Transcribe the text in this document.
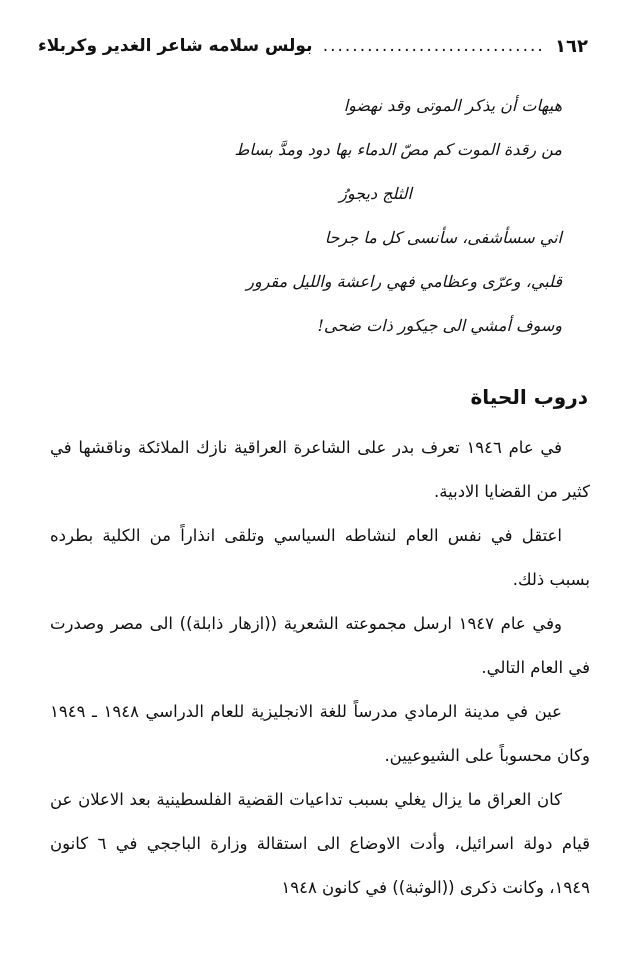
١٦٢
..............................
بولس سلامه شاعر الغدير وكربلاء
هيهات أن يذكر الموتى وقد نهضوا
من رقدة الموت كم مصّ الدماء بها دود ومدَّ بساط
الثلج ديجورُ
اني سسأشفى، سأنسى كل ما جرحا
قلبي، وعرّى وعظامي فهي راعشة والليل مقرور
وسوف أمشي الى جيكور ذات ضحى!
دروب الحياة

في عام ١٩٤٦ تعرف بدر على الشاعرة العراقية نازك الملائكة وناقشها في كثير من القضايا الادبية.

اعتقل في نفس العام لنشاطه السياسي وتلقى انذاراً من الكلية بطرده بسبب ذلك.

وفي عام ١٩٤٧ ارسل مجموعته الشعرية ((ازهار ذابلة)) الى مصر وصدرت في العام التالي.

عين في مدينة الرمادي مدرساً للغة الانجليزية للعام الدراسي ١٩٤٨ ـ ١٩٤٩ وكان محسوباً على الشيوعيين.

كان العراق ما يزال يغلي بسبب تداعيات القضية الفلسطينية بعد الاعلان عن قيام دولة اسرائيل، وأدت الاوضاع الى استقالة وزارة الباججي في ٦ كانون ١٩٤٩، وكانت ذكرى ((الوثبة)) في كانون ١٩٤٨
